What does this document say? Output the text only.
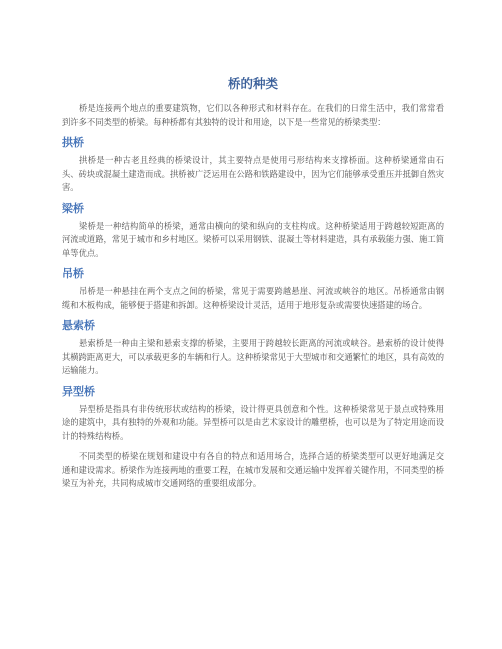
桥的种类

桥是连接两个地点的重要建筑物，它们以各种形式和材料存在。在我们的日常生活中，我们常常看到许多不同类型的桥梁。每种桥都有其独特的设计和用途，以下是一些常见的桥梁类型：

拱桥

拱桥是一种古老且经典的桥梁设计，其主要特点是使用弓形结构来支撑桥面。这种桥梁通常由石头、砖块或混凝土建造而成。拱桥被广泛运用在公路和铁路建设中，因为它们能够承受重压并抵御自然灾害。

梁桥

梁桥是一种结构简单的桥梁，通常由横向的梁和纵向的支柱构成。这种桥梁适用于跨越较短距离的河流或道路，常见于城市和乡村地区。梁桥可以采用钢铁、混凝土等材料建造，具有承载能力强、施工简单等优点。

吊桥

吊桥是一种悬挂在两个支点之间的桥梁，常见于需要跨越悬崖、河流或峡谷的地区。吊桥通常由钢缆和木板构成，能够便于搭建和拆卸。这种桥梁设计灵活，适用于地形复杂或需要快速搭建的场合。

悬索桥

悬索桥是一种由主梁和悬索支撑的桥梁，主要用于跨越较长距离的河流或峡谷。悬索桥的设计使得其横跨距离更大，可以承载更多的车辆和行人。这种桥梁常见于大型城市和交通繁忙的地区，具有高效的运输能力。

异型桥

异型桥是指具有非传统形状或结构的桥梁，设计得更具创意和个性。这种桥梁常见于景点或特殊用途的建筑中，具有独特的外观和功能。异型桥可以是由艺术家设计的雕塑桥，也可以是为了特定用途而设计的特殊结构桥。

不同类型的桥梁在规划和建设中有各自的特点和适用场合，选择合适的桥梁类型可以更好地满足交通和建设需求。桥梁作为连接两地的重要工程，在城市发展和交通运输中发挥着关键作用，不同类型的桥梁互为补充，共同构成城市交通网络的重要组成部分。
